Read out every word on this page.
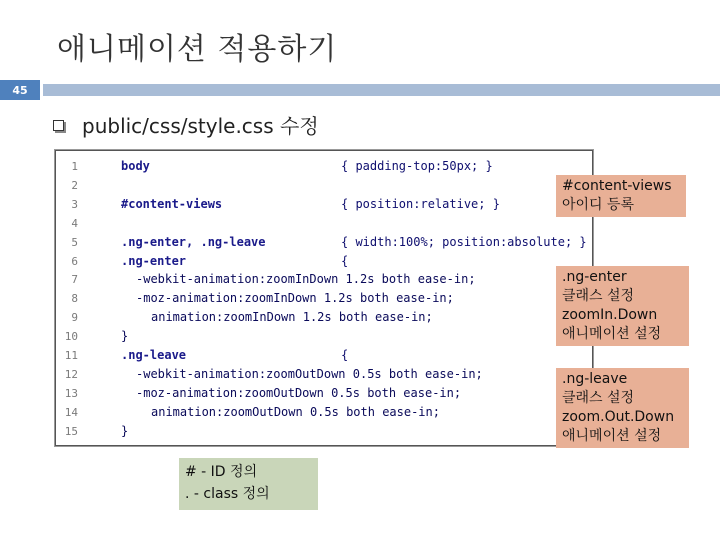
애니메이션 적용하기
45
public/css/style.css 수정
1	body	{ padding-top:50px; }
2
3	#content-views	{ position:relative; }
4
5	.ng-enter, .ng-leave	{ width:100%; position:absolute; }
6	.ng-enter	{
7	-webkit-animation:zoomInDown 1.2s both ease-in;
8	-moz-animation:zoomInDown 1.2s both ease-in;
9	animation:zoomInDown 1.2s both ease-in;
10	}
11	.ng-leave	{
12	-webkit-animation:zoomOutDown 0.5s both ease-in;
13	-moz-animation:zoomOutDown 0.5s both ease-in;
14	animation:zoomOutDown 0.5s both ease-in;
15	}
#content-views
아이디 등록
.ng-enter
클래스 설정
zoomIn.Down
애니메이션 설정
.ng-leave
클래스 설정
zoom.Out.Down
애니메이션 설정
# - ID 정의
. - class 정의
